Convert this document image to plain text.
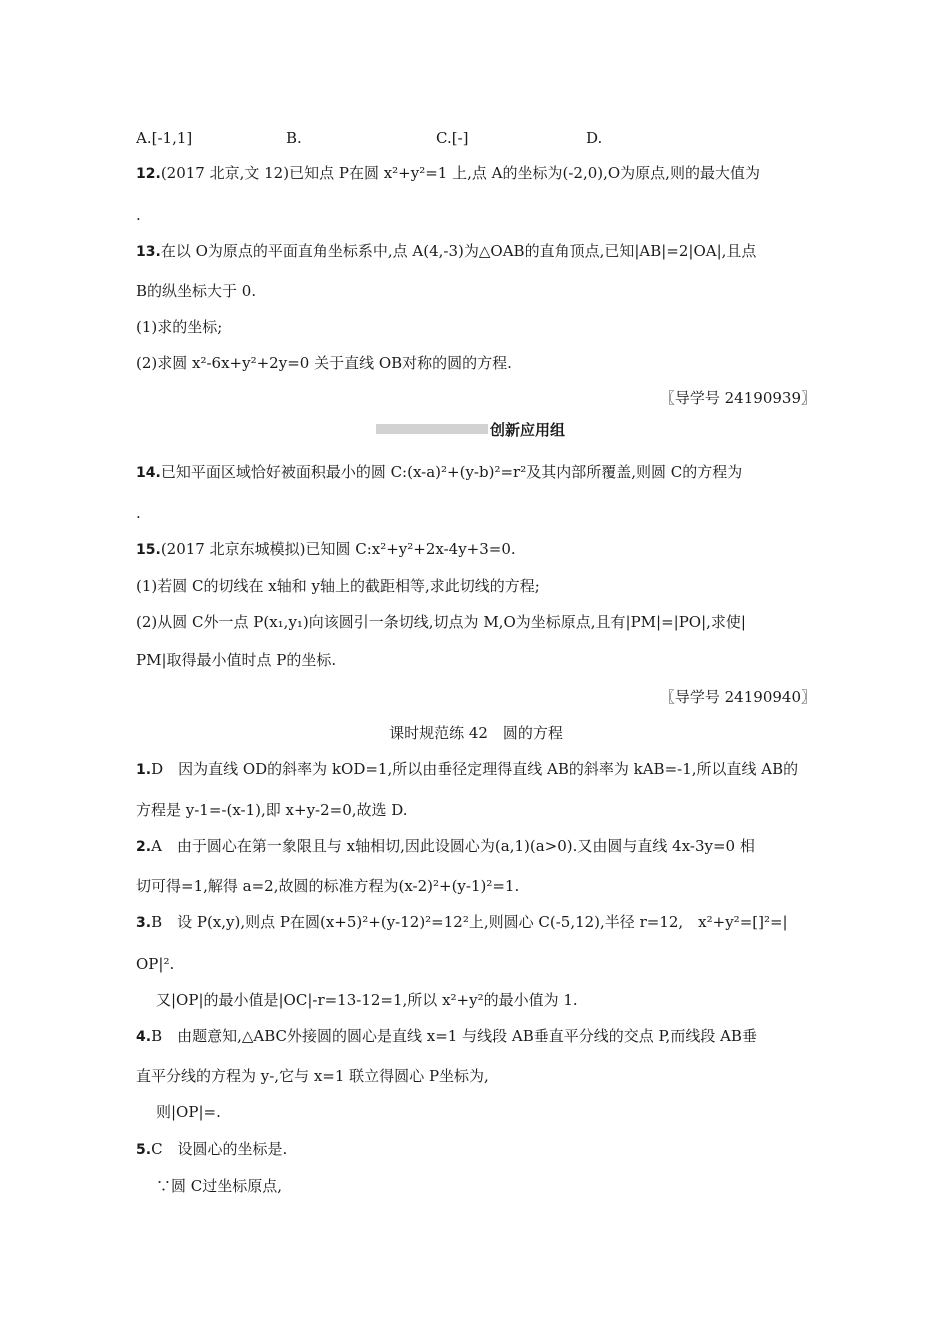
A.[-1,1]	B.	C.[-]	D.
12.(2017 北京,文 12)已知点 P在圆 x²+y²=1 上,点 A的坐标为(-2,0),O为原点,则的最大值为
.
13.在以 O为原点的平面直角坐标系中,点 A(4,-3)为△OAB的直角顶点,已知|AB|=2|OA|,且点
B的纵坐标大于 0.
(1)求的坐标;
(2)求圆 x²-6x+y²+2y=0 关于直线 OB对称的圆的方程.
〖导学号 24190939〗
创新应用组
14.已知平面区域恰好被面积最小的圆 C:(x-a)²+(y-b)²=r²及其内部所覆盖,则圆 C的方程为
.
15.(2017 北京东城模拟)已知圆 C:x²+y²+2x-4y+3=0.
(1)若圆 C的切线在 x轴和 y轴上的截距相等,求此切线的方程;
(2)从圆 C外一点 P(x₁,y₁)向该圆引一条切线,切点为 M,O为坐标原点,且有|PM|=|PO|,求使|
PM|取得最小值时点 P的坐标.
〖导学号 24190940〗
课时规范练 42　圆的方程
1.D　因为直线 OD的斜率为 kOD=1,所以由垂径定理得直线 AB的斜率为 kAB=-1,所以直线 AB的
方程是 y-1=-(x-1),即 x+y-2=0,故选 D.
2.A　由于圆心在第一象限且与 x轴相切,因此设圆心为(a,1)(a>0).又由圆与直线 4x-3y=0 相
切可得=1,解得 a=2,故圆的标准方程为(x-2)²+(y-1)²=1.
3.B　设 P(x,y),则点 P在圆(x+5)²+(y-12)²=12²上,则圆心 C(-5,12),半径 r=12,　x²+y²=[]²=|
OP|².
又|OP|的最小值是|OC|-r=13-12=1,所以 x²+y²的最小值为 1.
4.B　由题意知,△ABC外接圆的圆心是直线 x=1 与线段 AB垂直平分线的交点 P,而线段 AB垂
直平分线的方程为 y-,它与 x=1 联立得圆心 P坐标为,
则|OP|=.
5.C　设圆心的坐标是.
∵圆 C过坐标原点,
